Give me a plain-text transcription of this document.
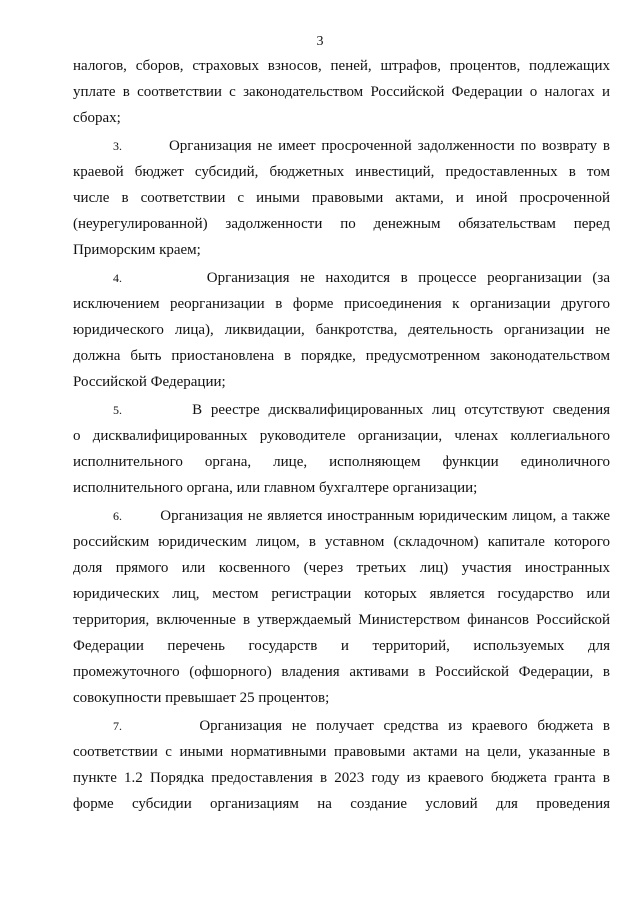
3
налогов, сборов, страховых взносов, пеней, штрафов, процентов, подлежащих
уплате в соответствии с законодательством Российской Федерации о налогах и
сборах;
3.	Организация не имеет просроченной задолженности по возврату в
краевой бюджет субсидий, бюджетных инвестиций, предоставленных в том
числе в соответствии с иными правовыми актами, и иной просроченной
(неурегулированной) задолженности по денежным обязательствам перед
Приморским краем;
4.	Организация не находится в процессе реорганизации (за
исключением реорганизации в форме присоединения к организации другого
юридического лица), ликвидации, банкротства, деятельность организации не
должна быть приостановлена в порядке, предусмотренном законодательством
Российской Федерации;
5.	В реестре дисквалифицированных лиц отсутствуют сведения
о дисквалифицированных руководителе организации, членах коллегиального
исполнительного органа, лице, исполняющем функции единоличного
исполнительного органа, или главном бухгалтере организации;
6.	Организация не является иностранным юридическим лицом, а также
российским юридическим лицом, в уставном (складочном) капитале которого
доля прямого или косвенного (через третьих лиц) участия иностранных
юридических лиц, местом регистрации которых является государство или
территория, включенные в утверждаемый Министерством финансов Российской
Федерации перечень государств и территорий, используемых для
промежуточного (офшорного) владения активами в Российской Федерации, в
совокупности превышает 25 процентов;
7.	Организация не получает средства из краевого бюджета в
соответствии с иными нормативными правовыми актами на цели, указанные в
пункте 1.2 Порядка предоставления в 2023 году из краевого бюджета гранта в
форме субсидии организациям на создание условий для проведения
